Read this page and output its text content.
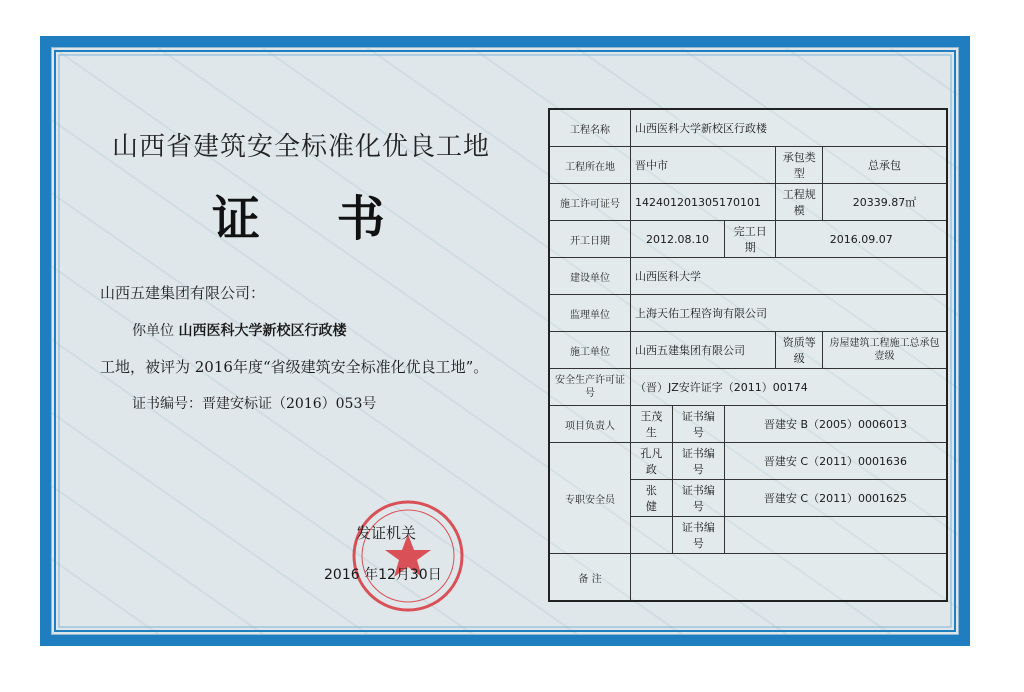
山西省建筑安全标准化优良工地
证 书
山西五建集团有限公司：
你单位 山西医科大学新校区行政楼
工地，被评为 2016年度“省级建筑安全标准化优良工地”。
证书编号：晋建安标证（2016）053号
发证机关
2016 年12月30日
工程名称	山西医科大学新校区行政楼				
工程所在地	晋中市			承包类型	总承包
施工许可证号	142401201305170101			工程规模	20339.87㎡
开工日期	2012.08.10		完工日期	2016.09.07	
建设单位	山西医科大学				
监理单位	上海天佑工程咨询有限公司				
施工单位	山西五建集团有限公司			资质等级	房屋建筑工程施工总承包壹级
安全生产许可证号	（晋）JZ安许证字（2011）00174				
项目负责人	王茂生	证书编号	晋建安 B（2005）0006013		
专职安全员	孔凡政	证书编号	晋建安 C（2011）0001636		
	张　健	证书编号	晋建安 C（2011）0001625		
		证书编号			
备 注					
